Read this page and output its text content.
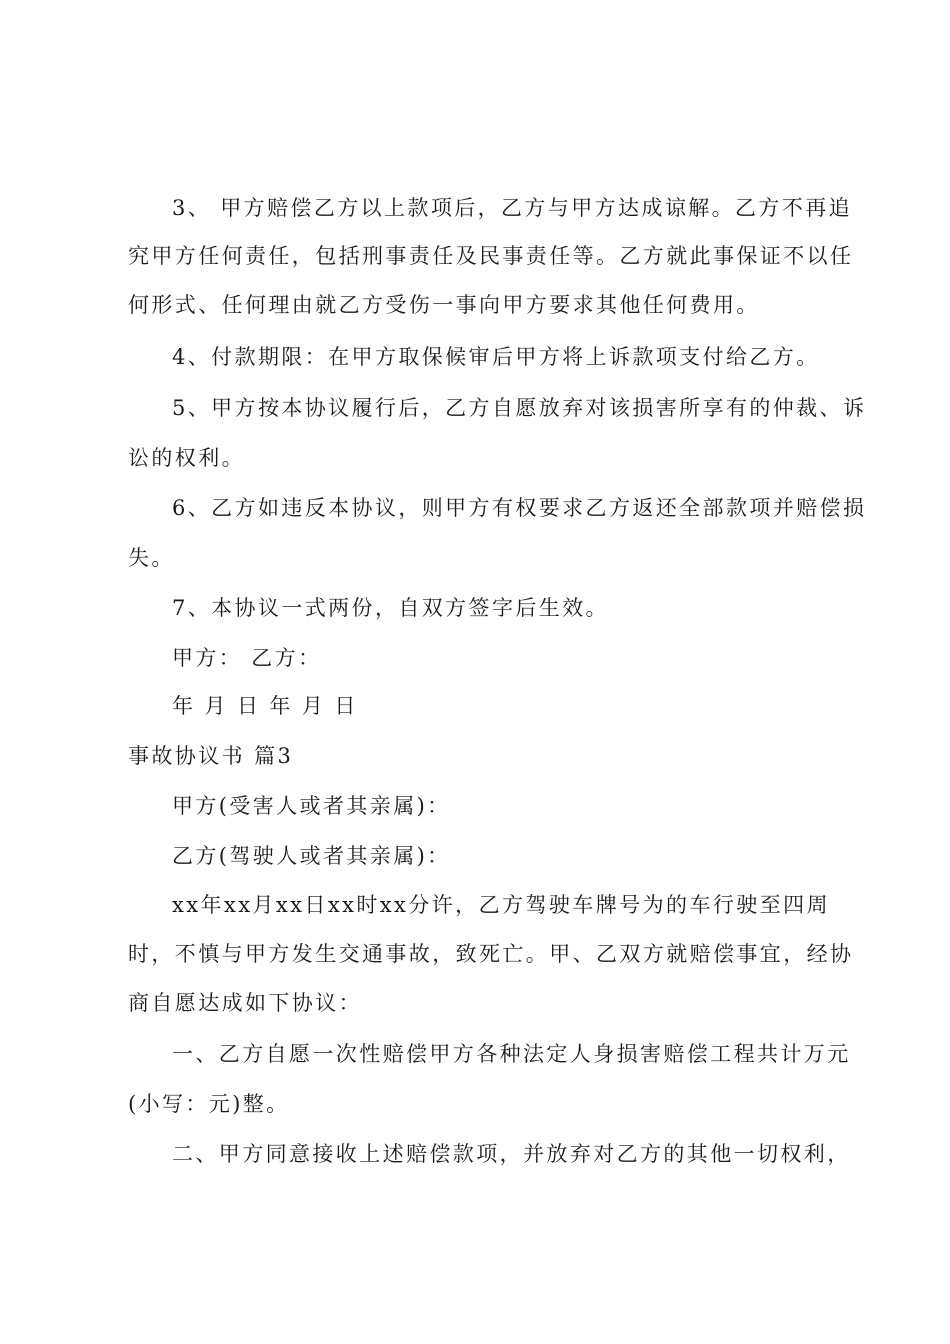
3、 甲方赔偿乙方以上款项后，乙方与甲方达成谅解。乙方不再追
究甲方任何责任，包括刑事责任及民事责任等。乙方就此事保证不以任
何形式、任何理由就乙方受伤一事向甲方要求其他任何费用。
4、付款期限：在甲方取保候审后甲方将上诉款项支付给乙方。
5、甲方按本协议履行后，乙方自愿放弃对该损害所享有的仲裁、诉
讼的权利。
6、乙方如违反本协议，则甲方有权要求乙方返还全部款项并赔偿损
失。
7、本协议一式两份，自双方签字后生效。
甲方： 乙方：
年 月 日 年 月 日
事故协议书 篇3
甲方(受害人或者其亲属)：
乙方(驾驶人或者其亲属)：
xx年xx月xx日xx时xx分许，乙方驾驶车牌号为的车行驶至四周
时，不慎与甲方发生交通事故，致死亡。甲、乙双方就赔偿事宜，经协
商自愿达成如下协议：
一、乙方自愿一次性赔偿甲方各种法定人身损害赔偿工程共计万元
(小写：元)整。
二、甲方同意接收上述赔偿款项，并放弃对乙方的其他一切权利，
